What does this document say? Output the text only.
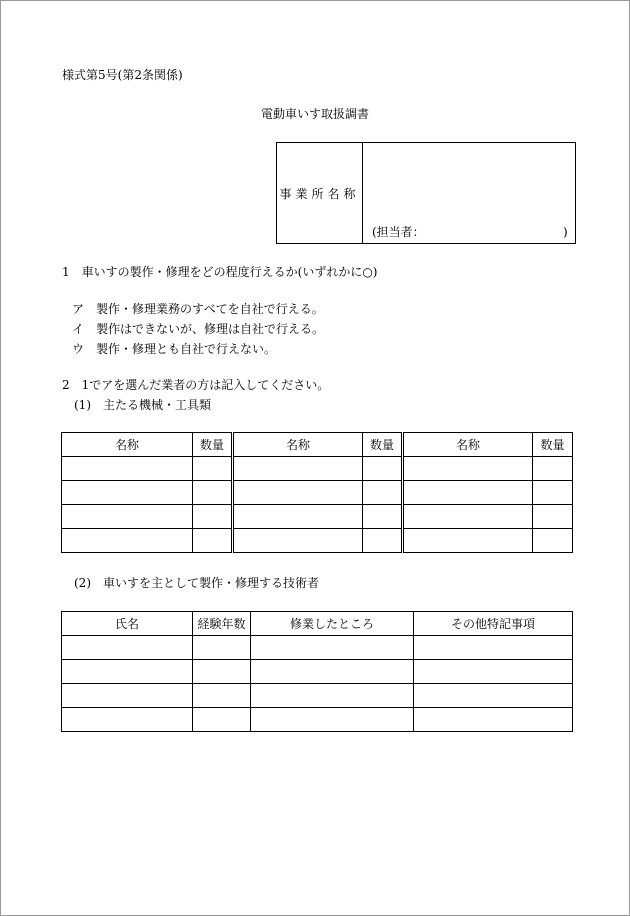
様式第5号(第2条関係)
電動車いす取扱調書
事業所名称
(担当者：	)
1　車いすの製作・修理をどの程度行えるか(いずれかに○)
ア　製作・修理業務のすべてを自社で行える。
イ　製作はできないが、修理は自社で行える。
ウ　製作・修理とも自社で行えない。
2　1でアを選んだ業者の方は記入してください。
(1)　主たる機械・工具類
名称	数量	名称	数量	名称	数量

(2)　車いすを主として製作・修理する技術者
氏名	経験年数	修業したところ	その他特記事項
